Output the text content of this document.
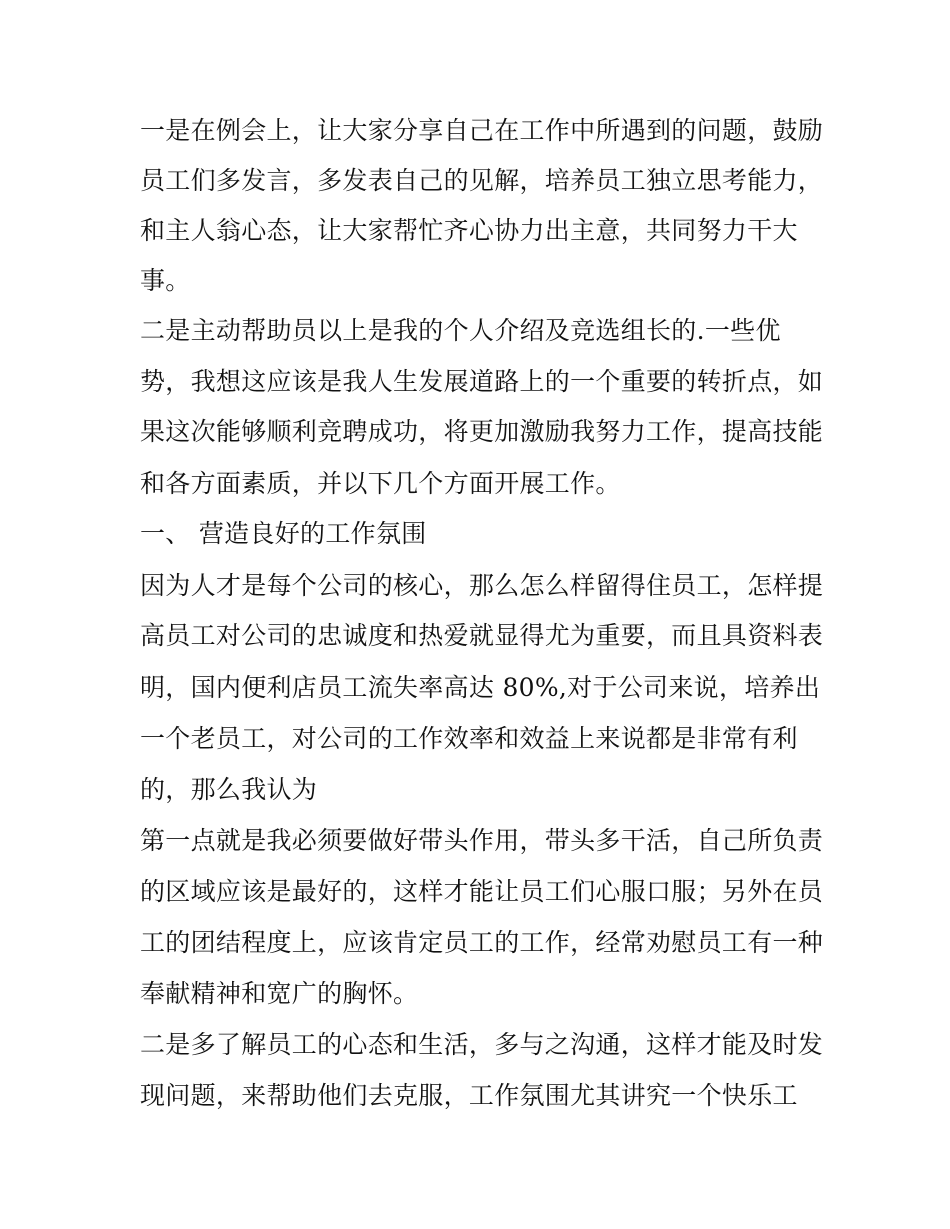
一是在例会上，让大家分享自己在工作中所遇到的问题，鼓励
员工们多发言，多发表自己的见解，培养员工独立思考能力，
和主人翁心态，让大家帮忙齐心协力出主意，共同努力干大
事。
二是主动帮助员以上是我的个人介绍及竞选组长的.一些优
势，我想这应该是我人生发展道路上的一个重要的转折点，如
果这次能够顺利竞聘成功，将更加激励我努力工作，提高技能
和各方面素质，并以下几个方面开展工作。
一、 营造良好的工作氛围
因为人才是每个公司的核心，那么怎么样留得住员工，怎样提
高员工对公司的忠诚度和热爱就显得尤为重要，而且具资料表
明，国内便利店员工流失率高达 80%,对于公司来说，培养出
一个老员工，对公司的工作效率和效益上来说都是非常有利
的，那么我认为
第一点就是我必须要做好带头作用，带头多干活，自己所负责
的区域应该是最好的，这样才能让员工们心服口服；另外在员
工的团结程度上，应该肯定员工的工作，经常劝慰员工有一种
奉献精神和宽广的胸怀。
二是多了解员工的心态和生活，多与之沟通，这样才能及时发
现问题，来帮助他们去克服，工作氛围尤其讲究一个快乐工
